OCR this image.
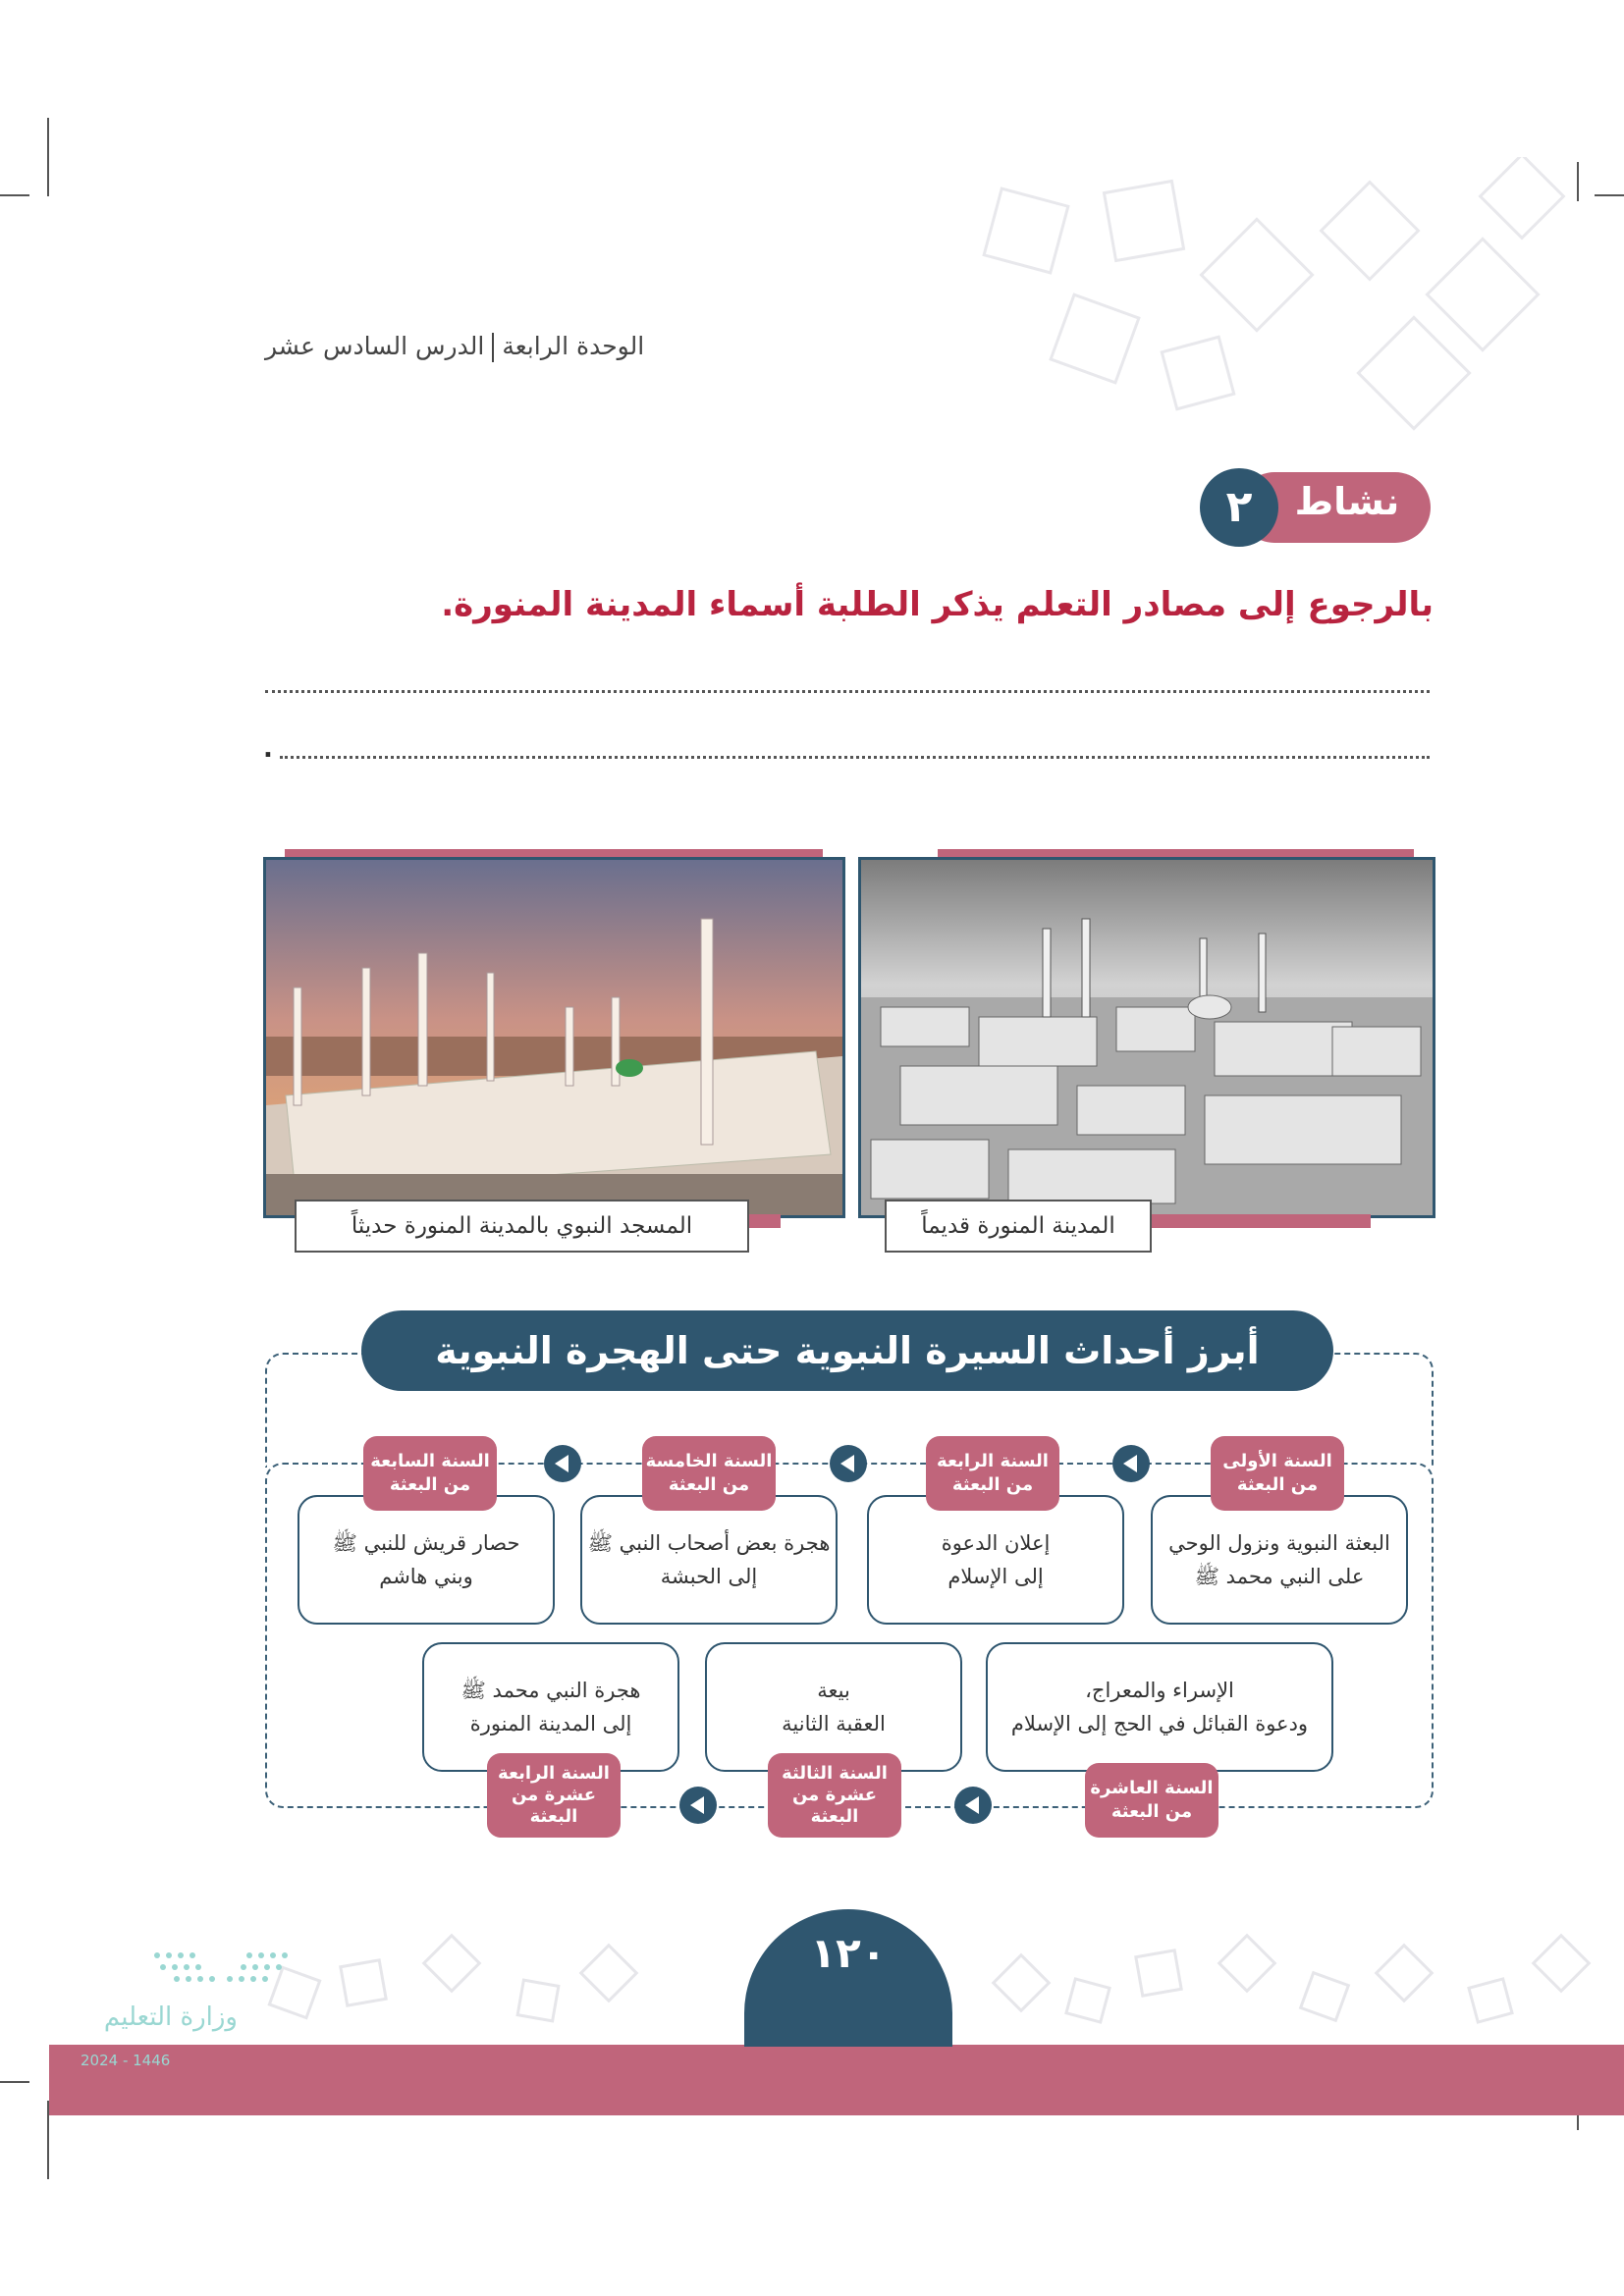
الوحدة الرابعةالدرس السادس عشر
نشاط
٢
بالرجوع إلى مصادر التعلم يذكر الطلبة أسماء المدينة المنورة.
.
المدينة المنورة قديماً
المسجد النبوي بالمدينة المنورة حديثاً
أبرز أحداث السيرة النبوية حتى الهجرة النبوية
البعثة النبوية ونزول الوحي
على النبي محمد ﷺ
السنة الأولى
من البعثة
إعلان الدعوة
إلى الإسلام
السنة الرابعة
من البعثة
هجرة بعض أصحاب النبي ﷺ
إلى الحبشة
السنة الخامسة
من البعثة
حصار قريش للنبي ﷺ
وبني هاشم
السنة السابعة
من البعثة
الإسراء والمعراج،
ودعوة القبائل في الحج إلى الإسلام
السنة العاشرة
من البعثة
بيعة
العقبة الثانية
السنة الثالثة
عشرة من
البعثة
هجرة النبي محمد ﷺ
إلى المدينة المنورة
السنة الرابعة
عشرة من
البعثة
١٢٠
وزارة التعليم
2024 - 1446
